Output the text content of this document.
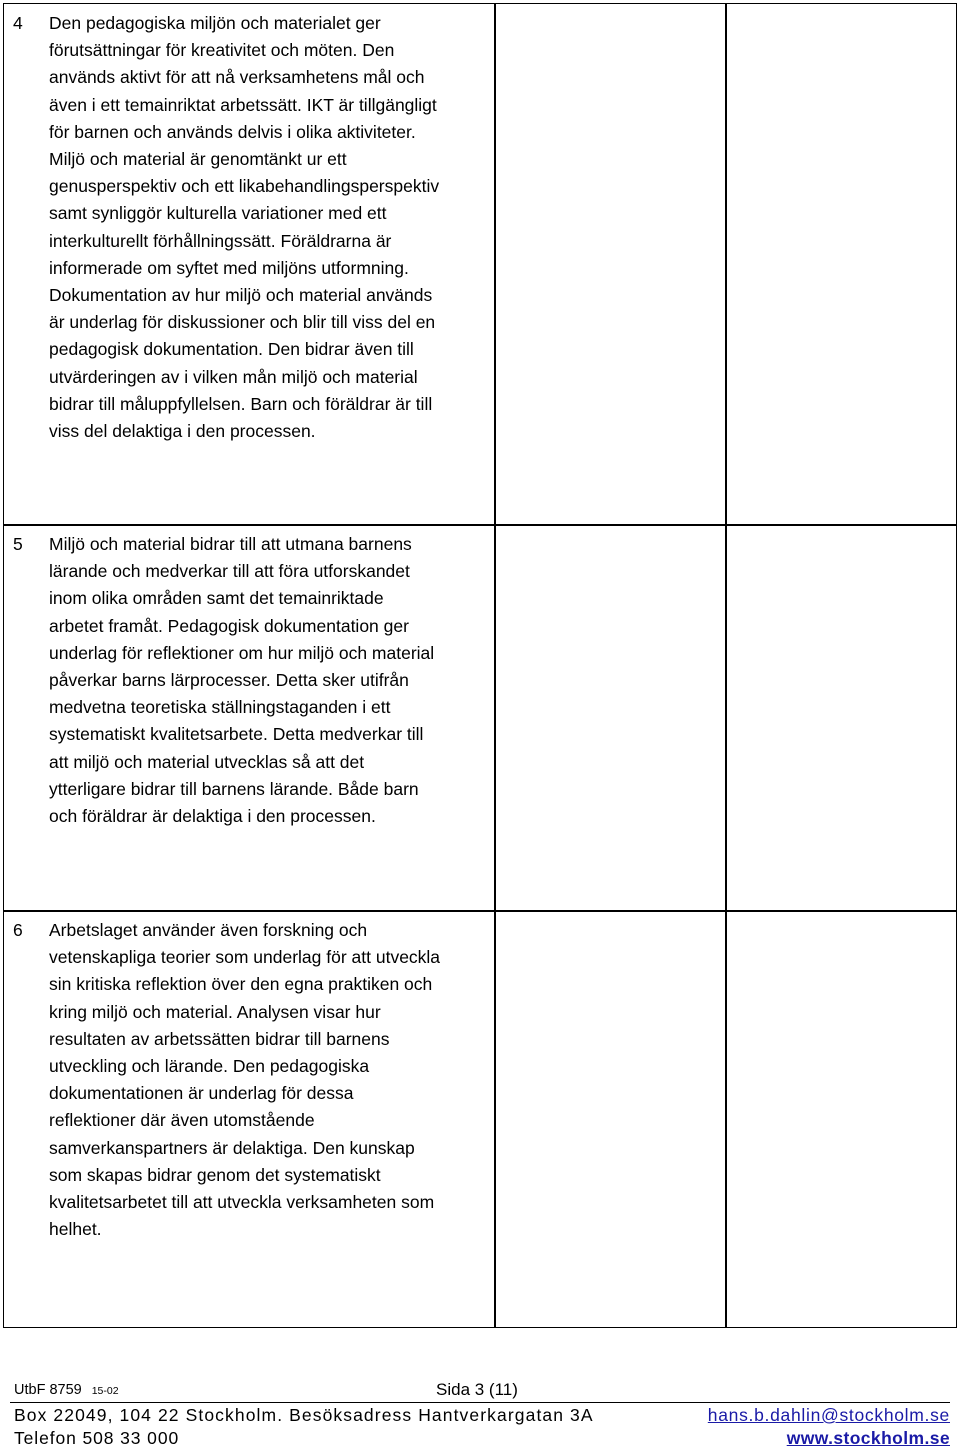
4 Den pedagogiska miljön och materialet ger
förutsättningar för kreativitet och möten. Den
används aktivt för att nå verksamhetens mål och
även i ett temainriktat arbetssätt. IKT är tillgängligt
för barnen och används delvis i olika aktiviteter.
Miljö och material är genomtänkt ur ett
genusperspektiv och ett likabehandlingsperspektiv
samt synliggör kulturella variationer med ett
interkulturellt förhållningssätt. Föräldrarna är
informerade om syftet med miljöns utformning.
Dokumentation av hur miljö och material används
är underlag för diskussioner och blir till viss del en
pedagogisk dokumentation. Den bidrar även till
utvärderingen av i vilken mån miljö och material
bidrar till måluppfyllelsen. Barn och föräldrar är till
viss del delaktiga i den processen.
5 Miljö och material bidrar till att utmana barnens
lärande och medverkar till att föra utforskandet
inom olika områden samt det temainriktade
arbetet framåt. Pedagogisk dokumentation ger
underlag för reflektioner om hur miljö och material
påverkar barns lärprocesser. Detta sker utifrån
medvetna teoretiska ställningstaganden i ett
systematiskt kvalitetsarbete. Detta medverkar till
att miljö och material utvecklas så att det
ytterligare bidrar till barnens lärande. Både barn
och föräldrar är delaktiga i den processen.
6 Arbetslaget använder även forskning och
vetenskapliga teorier som underlag för att utveckla
sin kritiska reflektion över den egna praktiken och
kring miljö och material. Analysen visar hur
resultaten av arbetssätten bidrar till barnens
utveckling och lärande. Den pedagogiska
dokumentationen är underlag för dessa
reflektioner där även utomstående
samverkanspartners är delaktiga. Den kunskap
som skapas bidrar genom det systematiskt
kvalitetsarbetet till att utveckla verksamheten som
helhet.
UtbF 8759 15-02	Sida 3 (11)
Box 22049, 104 22 Stockholm. Besöksadress Hantverkargatan 3A
Telefon 508 33 000
hans.b.dahlin@stockholm.se
www.stockholm.se
